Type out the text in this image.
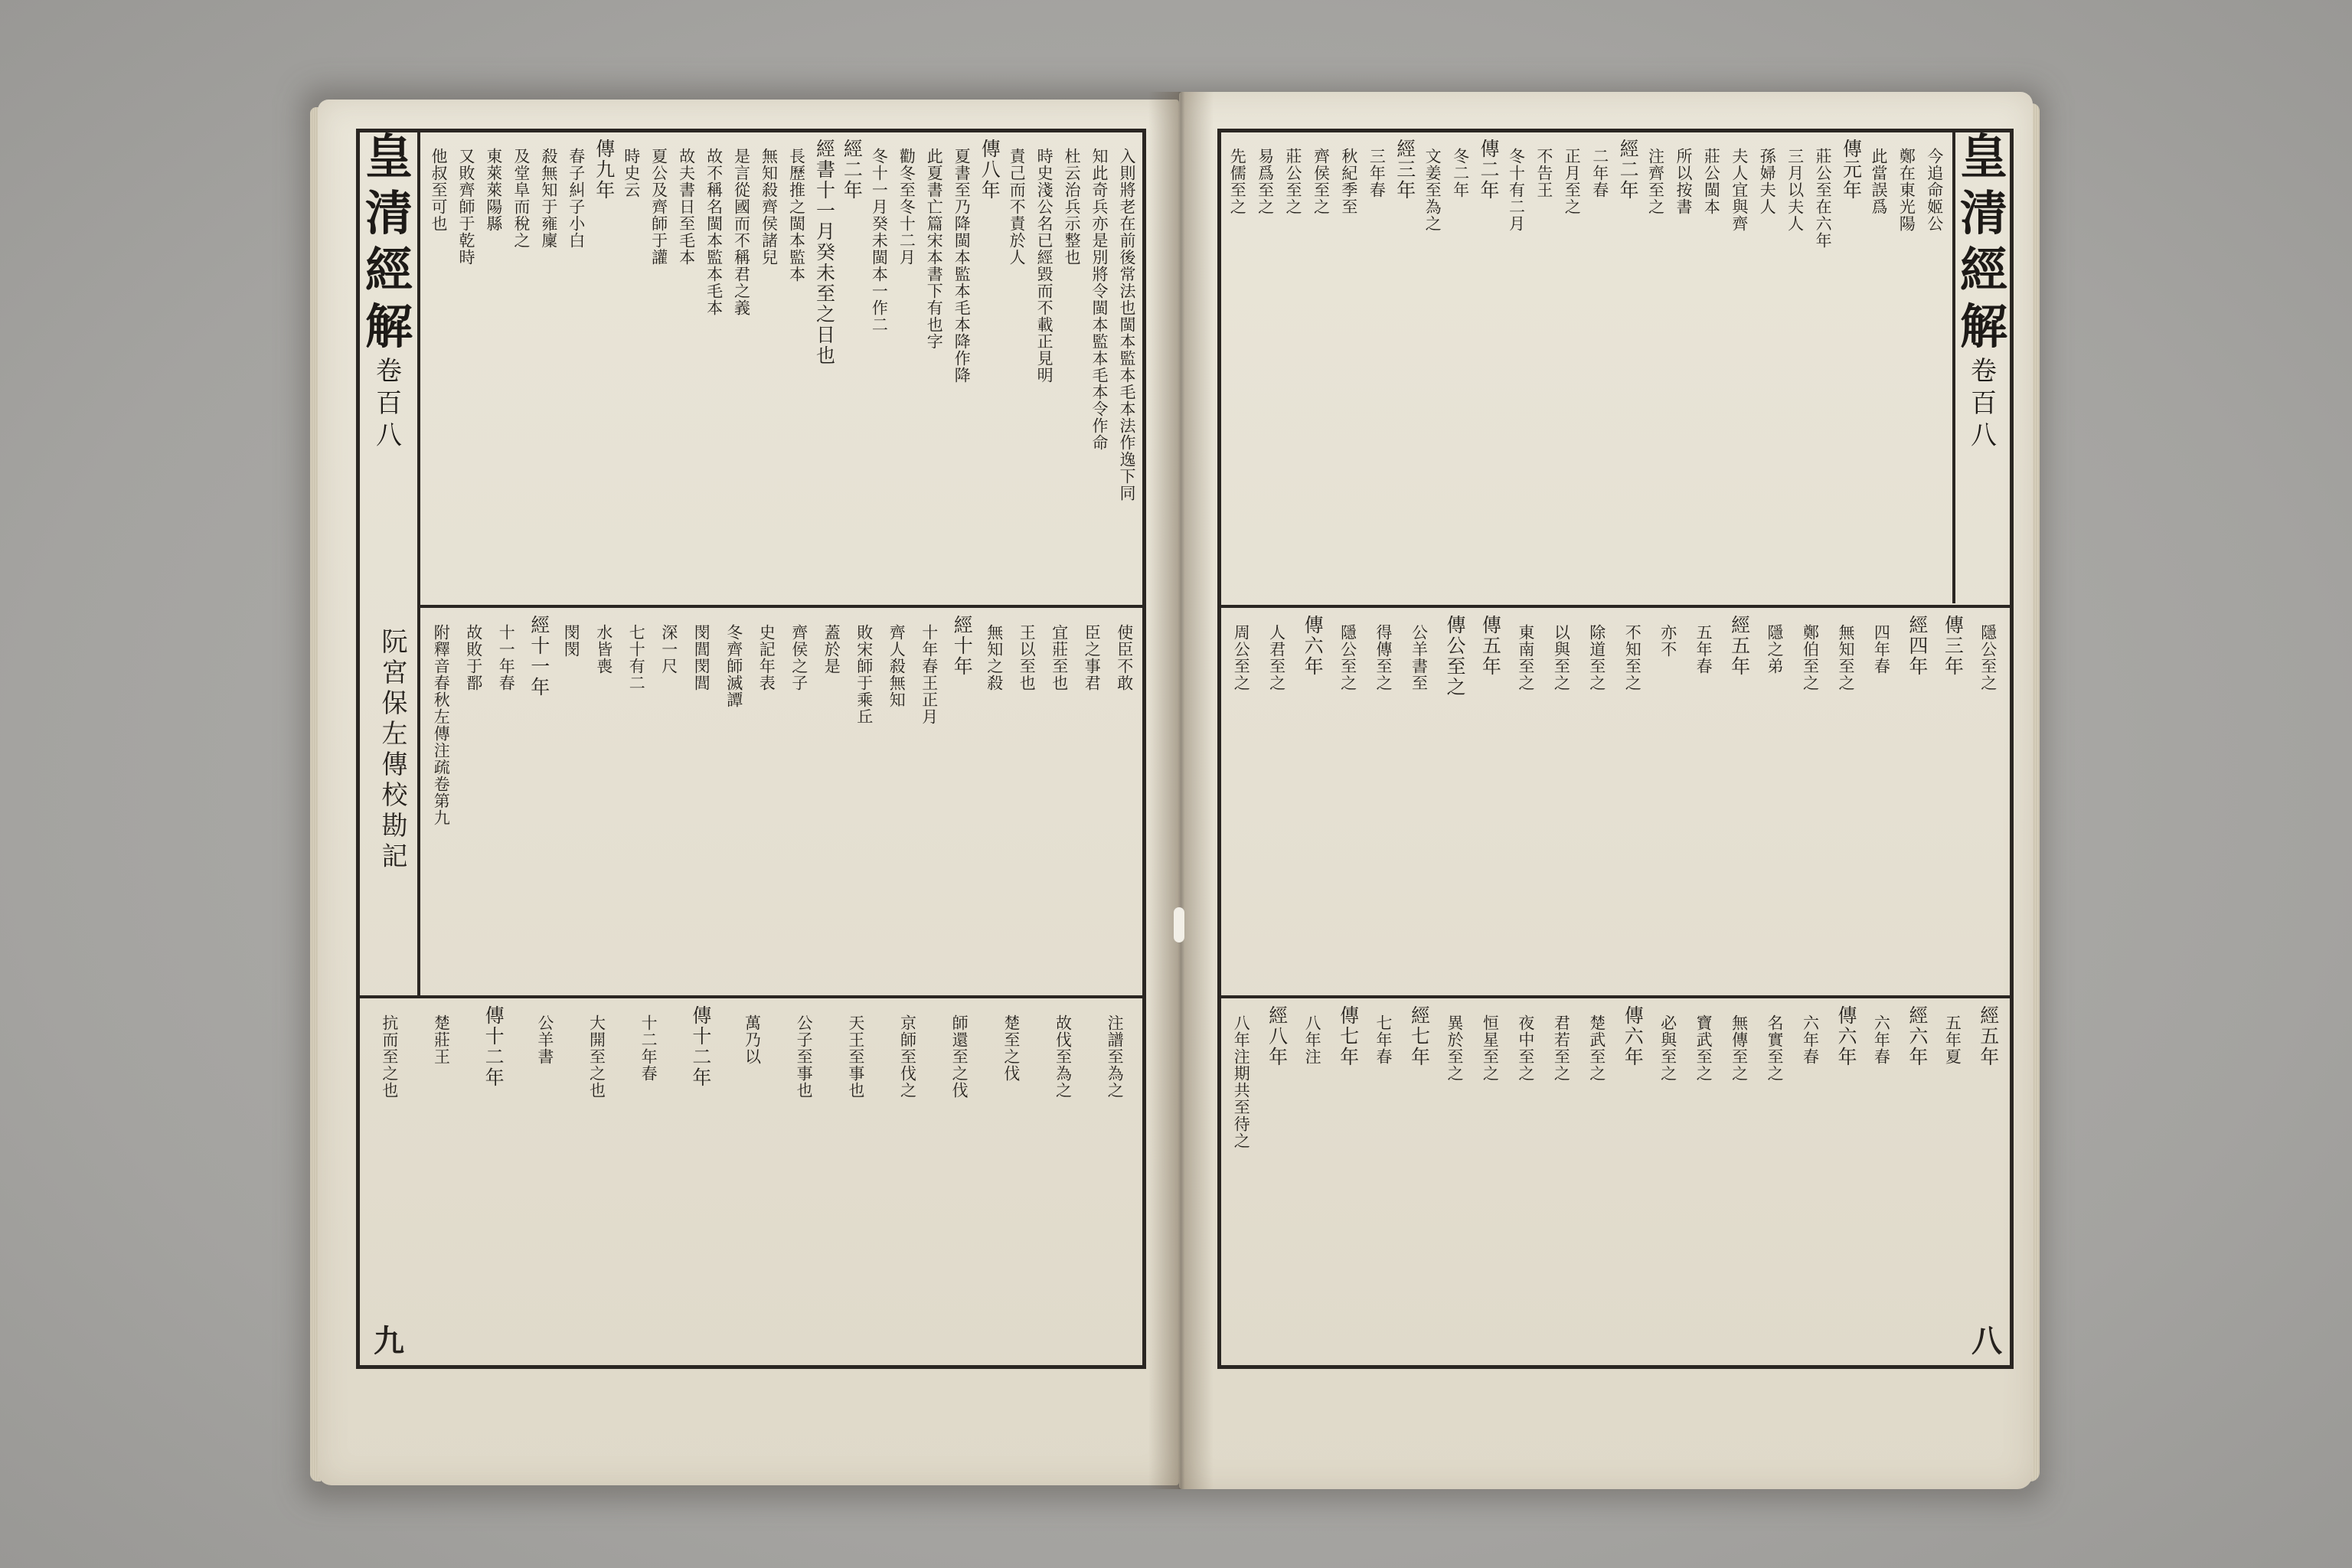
皇
清
經
解
卷
百
八
阮宮保左傳校勘記
九
皇
清
經
解
卷
百
八
八
入則將老在前後常法也閩本監本毛本法作逸下同
知此奇兵亦是別將令閩本監本毛本令作命
杜云治兵示整也
時史淺公名已經毀而不載正見明
責己而不責於人
傳八年
夏書至乃降閩本監本毛本降作降
此夏書亡篇宋本書下有也字
勸冬至冬十二月
冬十一月癸未閩本一作二
經二年
經書十一月癸未至之日也
長歷推之閩本監本
無知殺齊侯諸兒
是言從國而不稱君之義
故不稱名閩本監本毛本
故夫書日至毛本
夏公及齊師于讙
時史云
傳九年
春子糾子小白
殺無知于雍廩
及堂阜而稅之
東萊萊陽縣
又敗齊師于乾時
他叔至可也
使臣不敢
臣之事君
宜莊至也
王以至也
無知之殺
經十年
十年春王正月
齊人殺無知
敗宋師于乘丘
蓋於是
齊侯之子
史記年表
冬齊師滅譚
閔閭閔閭
深一尺
七十有二
水皆喪
閔閔
經十一年
十一年春
故敗于鄑
附釋音春秋左傳注疏卷第九
注譜至為之
故伐至為之
楚至之伐
師還至之伐
京師至伐之
天王至事也
公子至事也
萬乃以
傳十二年
十二年春
大開至之也
公羊書
傳十二年
楚莊王
抗而至之也
今追命姬公
鄭在東光陽
此當誤爲
傳元年
莊公至在六年
三月以夫人
孫婦夫人
夫人宜與齊
莊公閩本
所以按書
注齊至之
經二年
二年春
正月至之
不告王
冬十有二月
傳二年
冬二年
文姜至為之
經三年
三年春
秋紀季至
齊侯至之
莊公至之
易爲至之
先儒至之
隱公至之
傳三年
經四年
四年春
無知至之
鄭伯至之
隱之弟
經五年
五年春
亦不
不知至之
除道至之
以與至之
東南至之
傳五年
傳公至之
公羊書至
得傳至之
隱公至之
傳六年
人君至之
周公至之
經五年
五年夏
經六年
六年春
傳六年
六年春
名實至之
無傳至之
寶武至之
必與至之
傳六年
楚武至之
君若至之
夜中至之
恒星至之
異於至之
經七年
七年春
傳七年
八年注
經八年
八年注期共至待之
